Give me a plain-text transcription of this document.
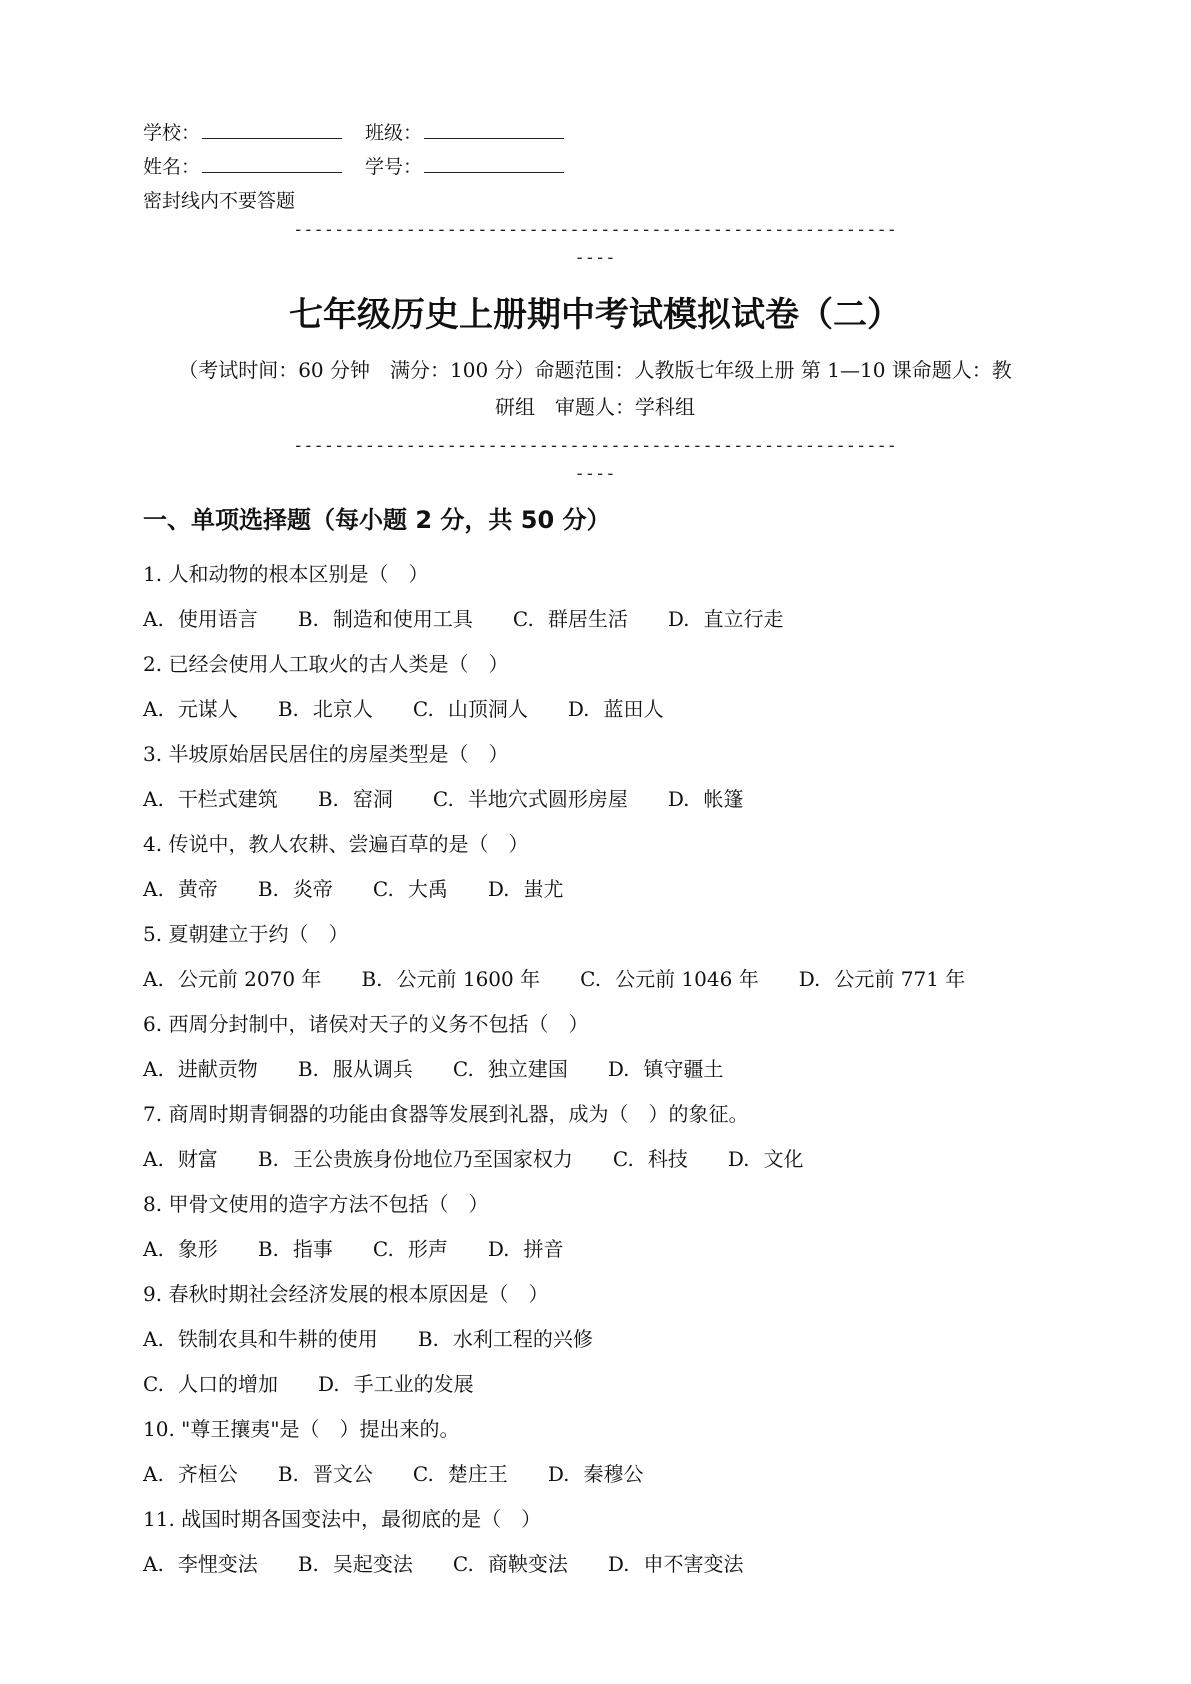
学校：	班级：
姓名：	学号：
密封线内不要答题
-----------------------------------------------------------
----
七年级历史上册期中考试模拟试卷（二）
（考试时间：60 分钟　满分：100 分）命题范围：人教版七年级上册 第 1—10 课命题人：教
研组　审题人：学科组
-----------------------------------------------------------
----
一、单项选择题（每小题 2 分，共 50 分）
1. 人和动物的根本区别是（　）
A. 使用语言 B. 制造和使用工具 C. 群居生活 D. 直立行走
2. 已经会使用人工取火的古人类是（　）
A. 元谋人 B. 北京人 C. 山顶洞人 D. 蓝田人
3. 半坡原始居民居住的房屋类型是（　）
A. 干栏式建筑 B. 窑洞 C. 半地穴式圆形房屋 D. 帐篷
4. 传说中，教人农耕、尝遍百草的是（　）
A. 黄帝 B. 炎帝 C. 大禹 D. 蚩尤
5. 夏朝建立于约（　）
A. 公元前 2070 年 B. 公元前 1600 年 C. 公元前 1046 年 D. 公元前 771 年
6. 西周分封制中，诸侯对天子的义务不包括（　）
A. 进献贡物 B. 服从调兵 C. 独立建国 D. 镇守疆土
7. 商周时期青铜器的功能由食器等发展到礼器，成为（　）的象征。
A. 财富 B. 王公贵族身份地位乃至国家权力 C. 科技 D. 文化
8. 甲骨文使用的造字方法不包括（　）
A. 象形 B. 指事 C. 形声 D. 拼音
9. 春秋时期社会经济发展的根本原因是（　）
A. 铁制农具和牛耕的使用 B. 水利工程的兴修
C. 人口的增加 D. 手工业的发展
10. "尊王攘夷"是（　）提出来的。
A. 齐桓公 B. 晋文公 C. 楚庄王 D. 秦穆公
11. 战国时期各国变法中，最彻底的是（　）
A. 李悝变法 B. 吴起变法 C. 商鞅变法 D. 申不害变法
